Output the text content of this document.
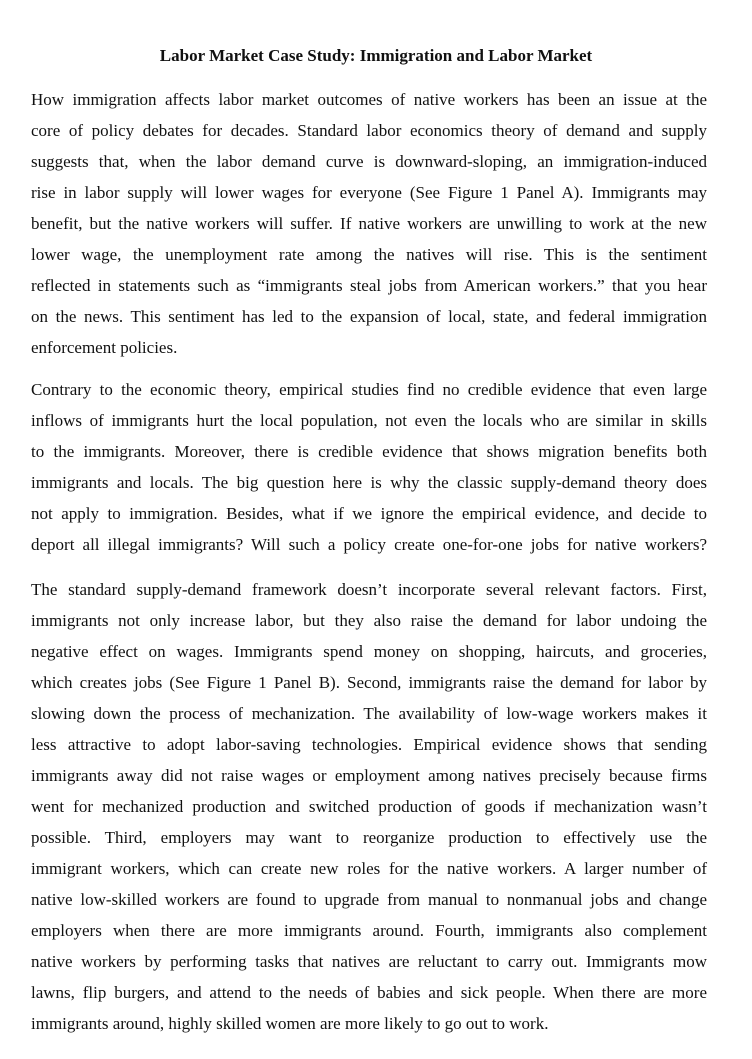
Labor Market Case Study: Immigration and Labor Market
How immigration affects labor market outcomes of native workers has been an issue at the
core of policy debates for decades. Standard labor economics theory of demand and supply
suggests that, when the labor demand curve is downward-sloping, an immigration-induced
rise in labor supply will lower wages for everyone (See Figure 1 Panel A). Immigrants may
benefit, but the native workers will suffer. If native workers are unwilling to work at the new
lower wage, the unemployment rate among the natives will rise. This is the sentiment
reflected in statements such as “immigrants steal jobs from American workers.” that you hear
on the news. This sentiment has led to the expansion of local, state, and federal immigration
enforcement policies.
Contrary to the economic theory, empirical studies find no credible evidence that even large
inflows of immigrants hurt the local population, not even the locals who are similar in skills
to the immigrants. Moreover, there is credible evidence that shows migration benefits both
immigrants and locals. The big question here is why the classic supply-demand theory does
not apply to immigration. Besides, what if we ignore the empirical evidence, and decide to
deport all illegal immigrants? Will such a policy create one-for-one jobs for native workers?
The standard supply-demand framework doesn’t incorporate several relevant factors. First,
immigrants not only increase labor, but they also raise the demand for labor undoing the
negative effect on wages. Immigrants spend money on shopping, haircuts, and groceries,
which creates jobs (See Figure 1 Panel B). Second, immigrants raise the demand for labor by
slowing down the process of mechanization. The availability of low-wage workers makes it
less attractive to adopt labor-saving technologies. Empirical evidence shows that sending
immigrants away did not raise wages or employment among natives precisely because firms
went for mechanized production and switched production of goods if mechanization wasn’t
possible. Third, employers may want to reorganize production to effectively use the
immigrant workers, which can create new roles for the native workers. A larger number of
native low-skilled workers are found to upgrade from manual to nonmanual jobs and change
employers when there are more immigrants around. Fourth, immigrants also complement
native workers by performing tasks that natives are reluctant to carry out. Immigrants mow
lawns, flip burgers, and attend to the needs of babies and sick people. When there are more
immigrants around, highly skilled women are more likely to go out to work.
